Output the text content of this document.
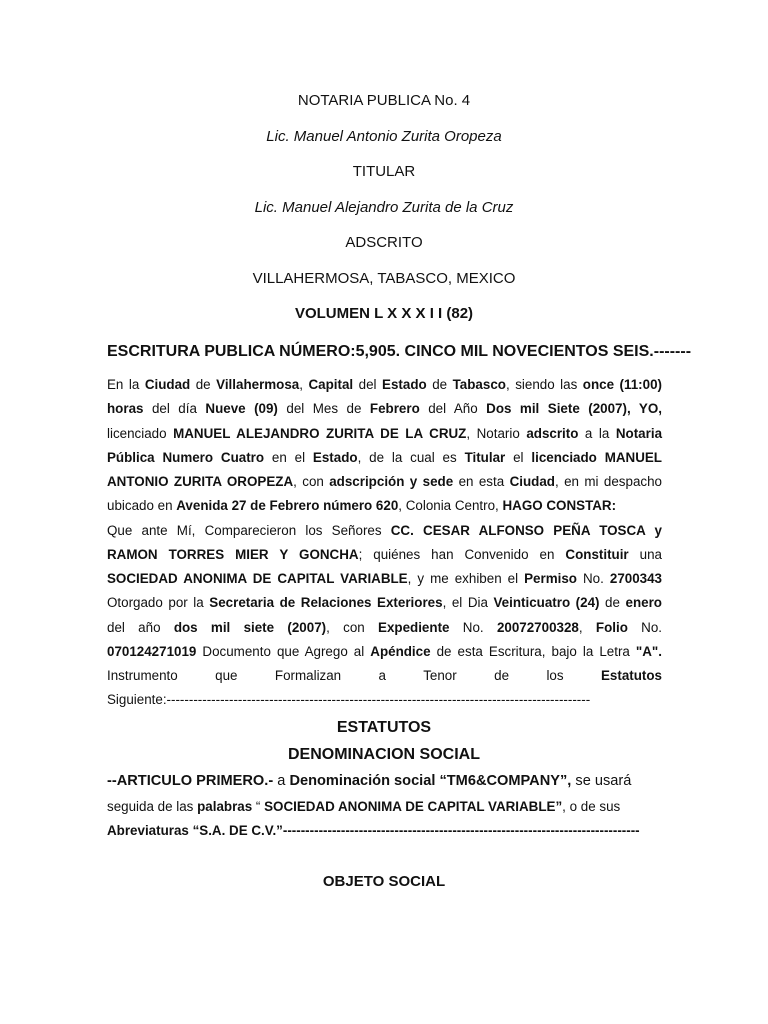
NOTARIA PUBLICA No. 4
Lic. Manuel Antonio Zurita Oropeza
TITULAR
Lic. Manuel Alejandro Zurita de la Cruz
ADSCRITO
VILLAHERMOSA, TABASCO, MEXICO
VOLUMEN L X X X I I (82)
ESCRITURA PUBLICA NÚMERO:5,905. CINCO MIL NOVECIENTOS SEIS.-------
En la Ciudad de Villahermosa, Capital del Estado de Tabasco, siendo las once (11:00)
horas del día Nueve (09) del Mes de Febrero del Año Dos mil Siete (2007), YO,
licenciado MANUEL ALEJANDRO ZURITA DE LA CRUZ, Notario adscrito a la Notaria
Pública Numero Cuatro en el Estado, de la cual es Titular el licenciado MANUEL
ANTONIO ZURITA OROPEZA, con adscripción y sede en esta Ciudad, en mi despacho
ubicado en Avenida 27 de Febrero número 620, Colonia Centro, HAGO CONSTAR:
Que ante Mí, Comparecieron los Señores CC. CESAR ALFONSO PEÑA TOSCA y
RAMON TORRES MIER Y GONCHA; quiénes han Convenido en Constituir una
SOCIEDAD ANONIMA DE CAPITAL VARIABLE, y me exhiben el Permiso No. 2700343
Otorgado por la Secretaria de Relaciones Exteriores, el Dia Veinticuatro (24) de enero
del año dos mil siete (2007), con Expediente No. 20072700328, Folio No.
070124271019 Documento que Agrego al Apéndice de esta Escritura, bajo la Letra "A".
Instrumento que Formalizan a Tenor de los Estatutos
Siguiente:-----------------------------------------------------------------------------------------------
ESTATUTOS
DENOMINACION SOCIAL
--ARTICULO PRIMERO.- a Denominación social “TM6&COMPANY”, se usará
seguida de las palabras “ SOCIEDAD ANONIMA DE CAPITAL VARIABLE”, o de sus
Abreviaturas “S.A. DE C.V.”--------------------------------------------------------------------------------
OBJETO SOCIAL
